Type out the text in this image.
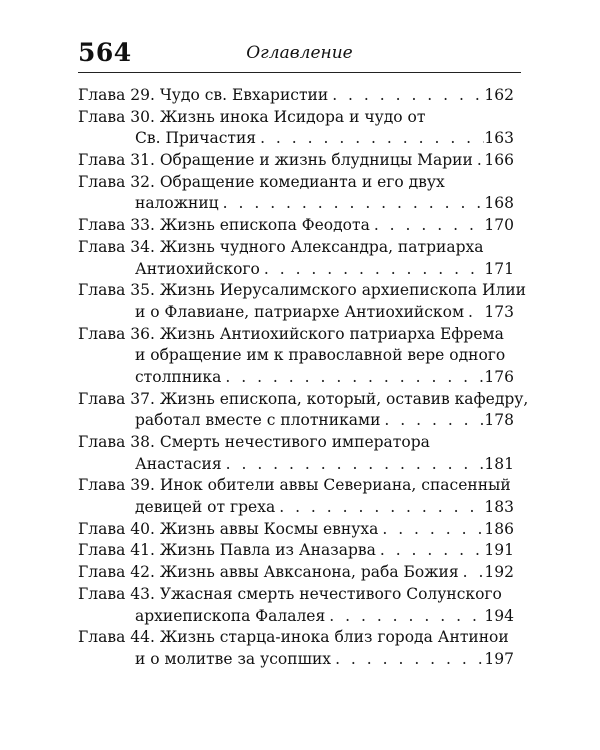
564	Оглавление
Глава 29. Чудо св. Евхаристии . . .	162
Глава 30. Жизнь инока Исидора и чудо от
Св. Причастия . . .	163
Глава 31. Обращение и жизнь блудницы Марии . . . 166
Глава 32. Обращение комедианта и его двух
наложниц . . .	168
Глава 33. Жизнь епископа Феодота . . .	170
Глава 34. Жизнь чудного Александра, патриарха
Антиохийского . . .	171
Глава 35. Жизнь Иерусалимского архиепископа Илии
и о Флавиане, патриархе Антиохийском . . . 173
Глава 36. Жизнь Антиохийского патриарха Ефрема
и обращение им к православной вере одного
столпника . . .	176
Глава 37. Жизнь епископа, который, оставив кафедру,
работал вместе с плотниками . . .	178
Глава 38. Смерть нечестивого императора
Анастасия . . .	181
Глава 39. Инок обители аввы Севериана, спасенный
девицей от греха . . .	183
Глава 40. Жизнь аввы Космы евнуха . . .	186
Глава 41. Жизнь Павла из Аназарва . . .	191
Глава 42. Жизнь аввы Авксанона, раба Божия . . . 192
Глава 43. Ужасная смерть нечестивого Солунского
архиепископа Фалалея . . .	194
Глава 44. Жизнь старца-инока близ города Антинои
и о молитве за усопших . . .	197
